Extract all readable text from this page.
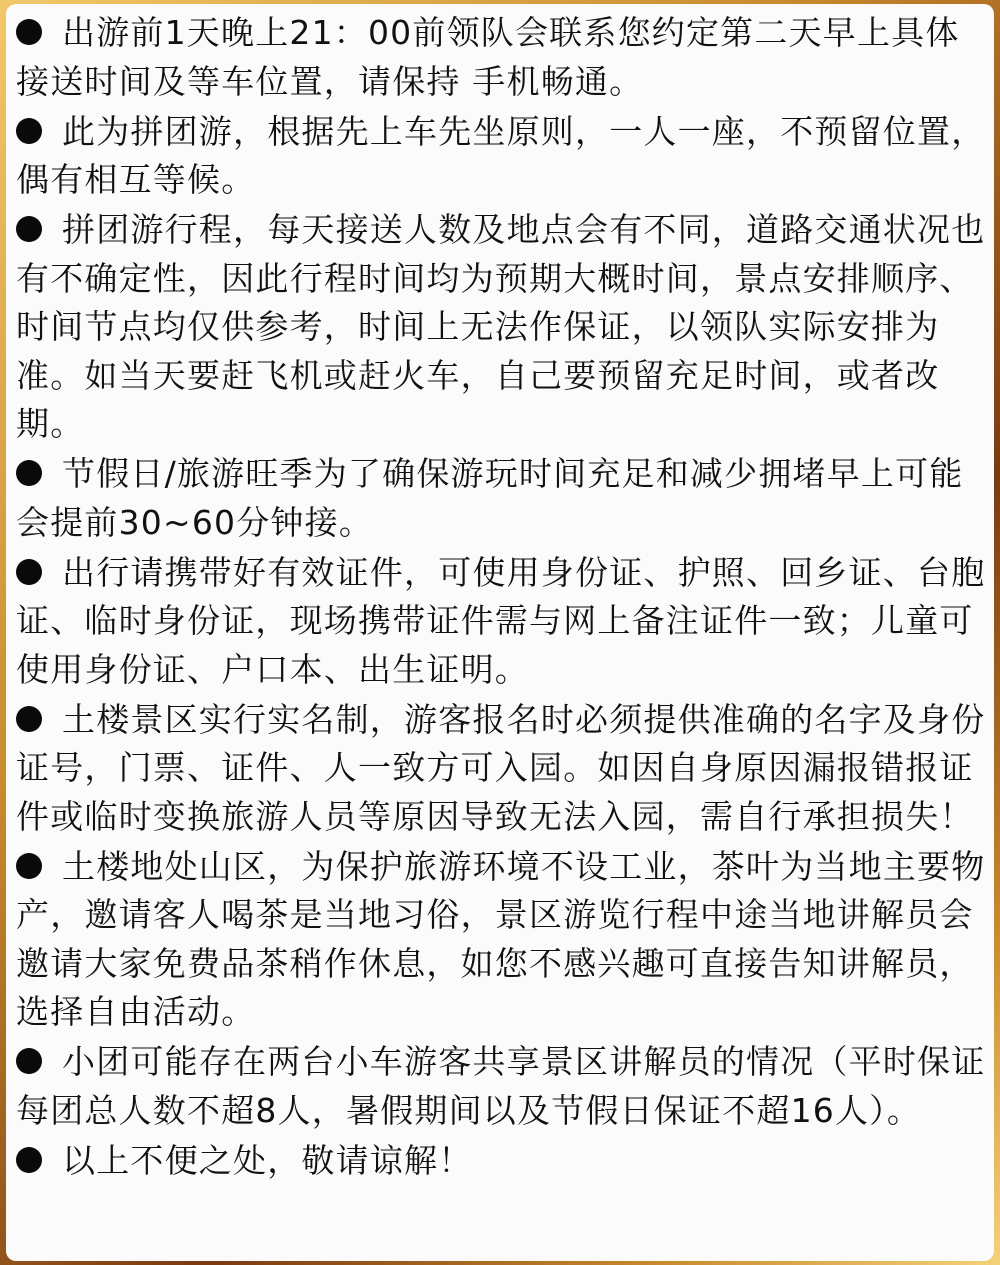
出游前1天晚上21：00前领队会联系您约定第二天早上具体接送时间及等车位置，请保持 手机畅通。
此为拼团游，根据先上车先坐原则，一人一座，不预留位置，偶有相互等候。
拼团游行程，每天接送人数及地点会有不同，道路交通状况也有不确定性，因此行程时间均为预期大概时间，景点安排顺序、时间节点均仅供参考，时间上无法作保证，以领队实际安排为准。如当天要赶飞机或赶火车，自己要预留充足时间，或者改期。
节假日/旅游旺季为了确保游玩时间充足和减少拥堵早上可能会提前30~60分钟接。
出行请携带好有效证件，可使用身份证、护照、回乡证、台胞证、临时身份证，现场携带证件需与网上备注证件一致；儿童可使用身份证、户口本、出生证明。
土楼景区实行实名制，游客报名时必须提供准确的名字及身份证号，门票、证件、人一致方可入园。如因自身原因漏报错报证件或临时变换旅游人员等原因导致无法入园，需自行承担损失！
土楼地处山区，为保护旅游环境不设工业，茶叶为当地主要物产，邀请客人喝茶是当地习俗，景区游览行程中途当地讲解员会邀请大家免费品茶稍作休息，如您不感兴趣可直接告知讲解员，选择自由活动。
小团可能存在两台小车游客共享景区讲解员的情况（平时保证每团总人数不超8人，暑假期间以及节假日保证不超16人）。
以上不便之处，敬请谅解！
